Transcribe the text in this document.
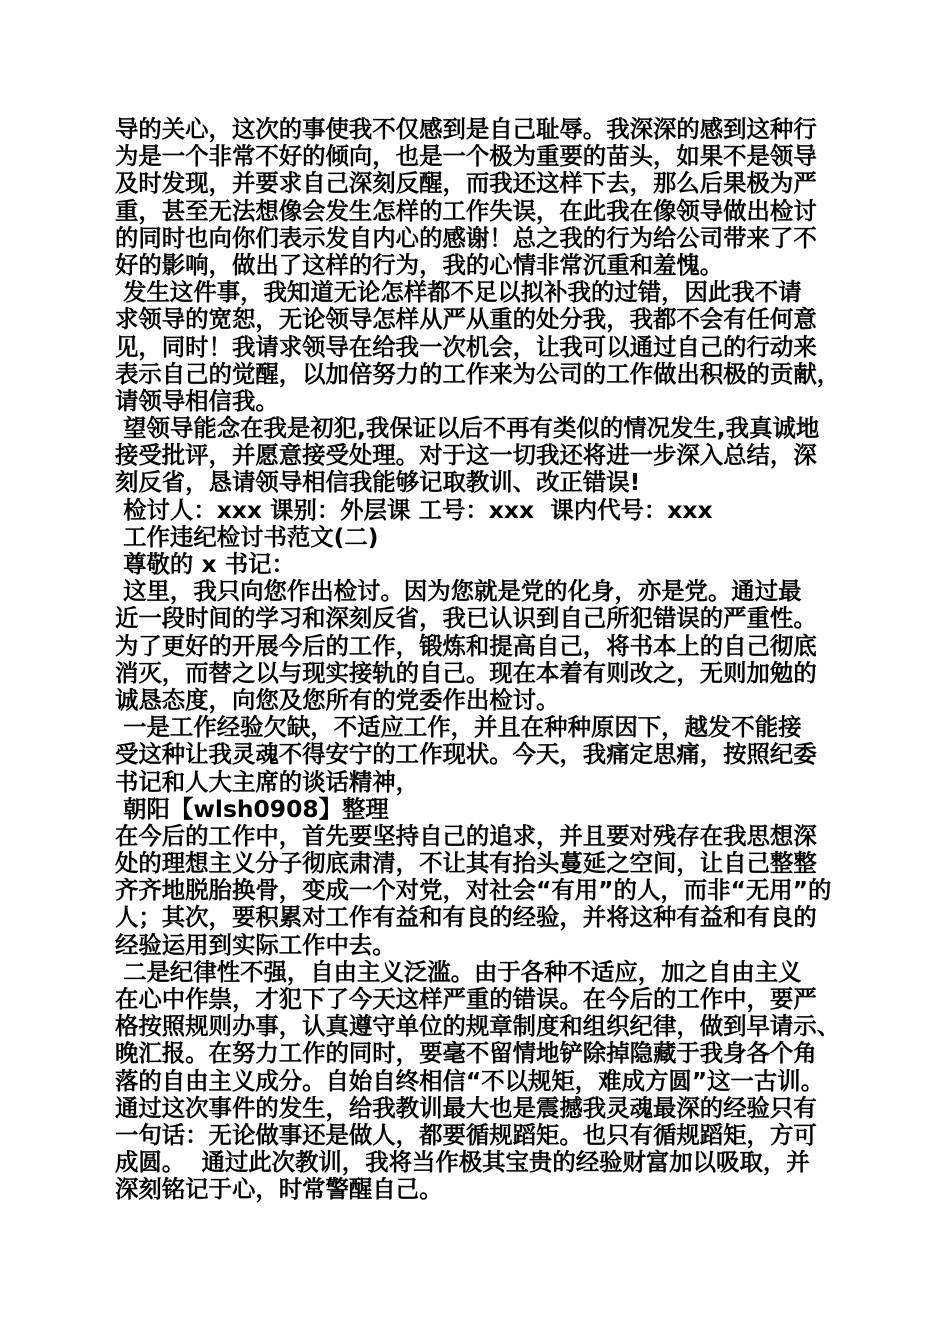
导的关心，这次的事使我不仅感到是自己耻辱。我深深的感到这种行
为是一个非常不好的倾向，也是一个极为重要的苗头，如果不是领导
及时发现，并要求自己深刻反醒，而我还这样下去，那么后果极为严
重，甚至无法想像会发生怎样的工作失误，在此我在像领导做出检讨
的同时也向你们表示发自内心的感谢！总之我的行为给公司带来了不
好的影响，做出了这样的行为，我的心情非常沉重和羞愧。
发生这件事，我知道无论怎样都不足以拟补我的过错，因此我不请
求领导的宽恕，无论领导怎样从严从重的处分我，我都不会有任何意
见，同时！我请求领导在给我一次机会，让我可以通过自己的行动来
表示自己的觉醒，以加倍努力的工作来为公司的工作做出积极的贡献，
请领导相信我。
望领导能念在我是初犯,我保证以后不再有类似的情况发生,我真诚地
接受批评，并愿意接受处理。对于这一切我还将进一步深入总结，深
刻反省，恳请领导相信我能够记取教训、改正错误!
检讨人：xxx 课别：外层课 工号：xxx  课内代号：xxx
工作违纪检讨书范文(二)
尊敬的 x 书记：
这里，我只向您作出检讨。因为您就是党的化身，亦是党。通过最
近一段时间的学习和深刻反省，我已认识到自己所犯错误的严重性。
为了更好的开展今后的工作，锻炼和提高自己，将书本上的自己彻底
消灭，而替之以与现实接轨的自己。现在本着有则改之，无则加勉的
诚恳态度，向您及您所有的党委作出检讨。
一是工作经验欠缺，不适应工作，并且在种种原因下，越发不能接
受这种让我灵魂不得安宁的工作现状。今天，我痛定思痛，按照纪委
书记和人大主席的谈话精神，
朝阳【wlsh0908】整理
在今后的工作中，首先要坚持自己的追求，并且要对残存在我思想深
处的理想主义分子彻底肃清，不让其有抬头蔓延之空间，让自己整整
齐齐地脱胎换骨，变成一个对党，对社会“有用”的人，而非“无用”的
人；其次，要积累对工作有益和有良的经验，并将这种有益和有良的
经验运用到实际工作中去。
二是纪律性不强，自由主义泛滥。由于各种不适应，加之自由主义
在心中作祟，才犯下了今天这样严重的错误。在今后的工作中，要严
格按照规则办事，认真遵守单位的规章制度和组织纪律，做到早请示、
晚汇报。在努力工作的同时，要毫不留情地铲除掉隐藏于我身各个角
落的自由主义成分。自始自终相信“不以规矩，难成方圆”这一古训。
通过这次事件的发生，给我教训最大也是震撼我灵魂最深的经验只有
一句话：无论做事还是做人，都要循规蹈矩。也只有循规蹈矩，方可
成圆。  通过此次教训，我将当作极其宝贵的经验财富加以吸取，并
深刻铭记于心，时常警醒自己。
